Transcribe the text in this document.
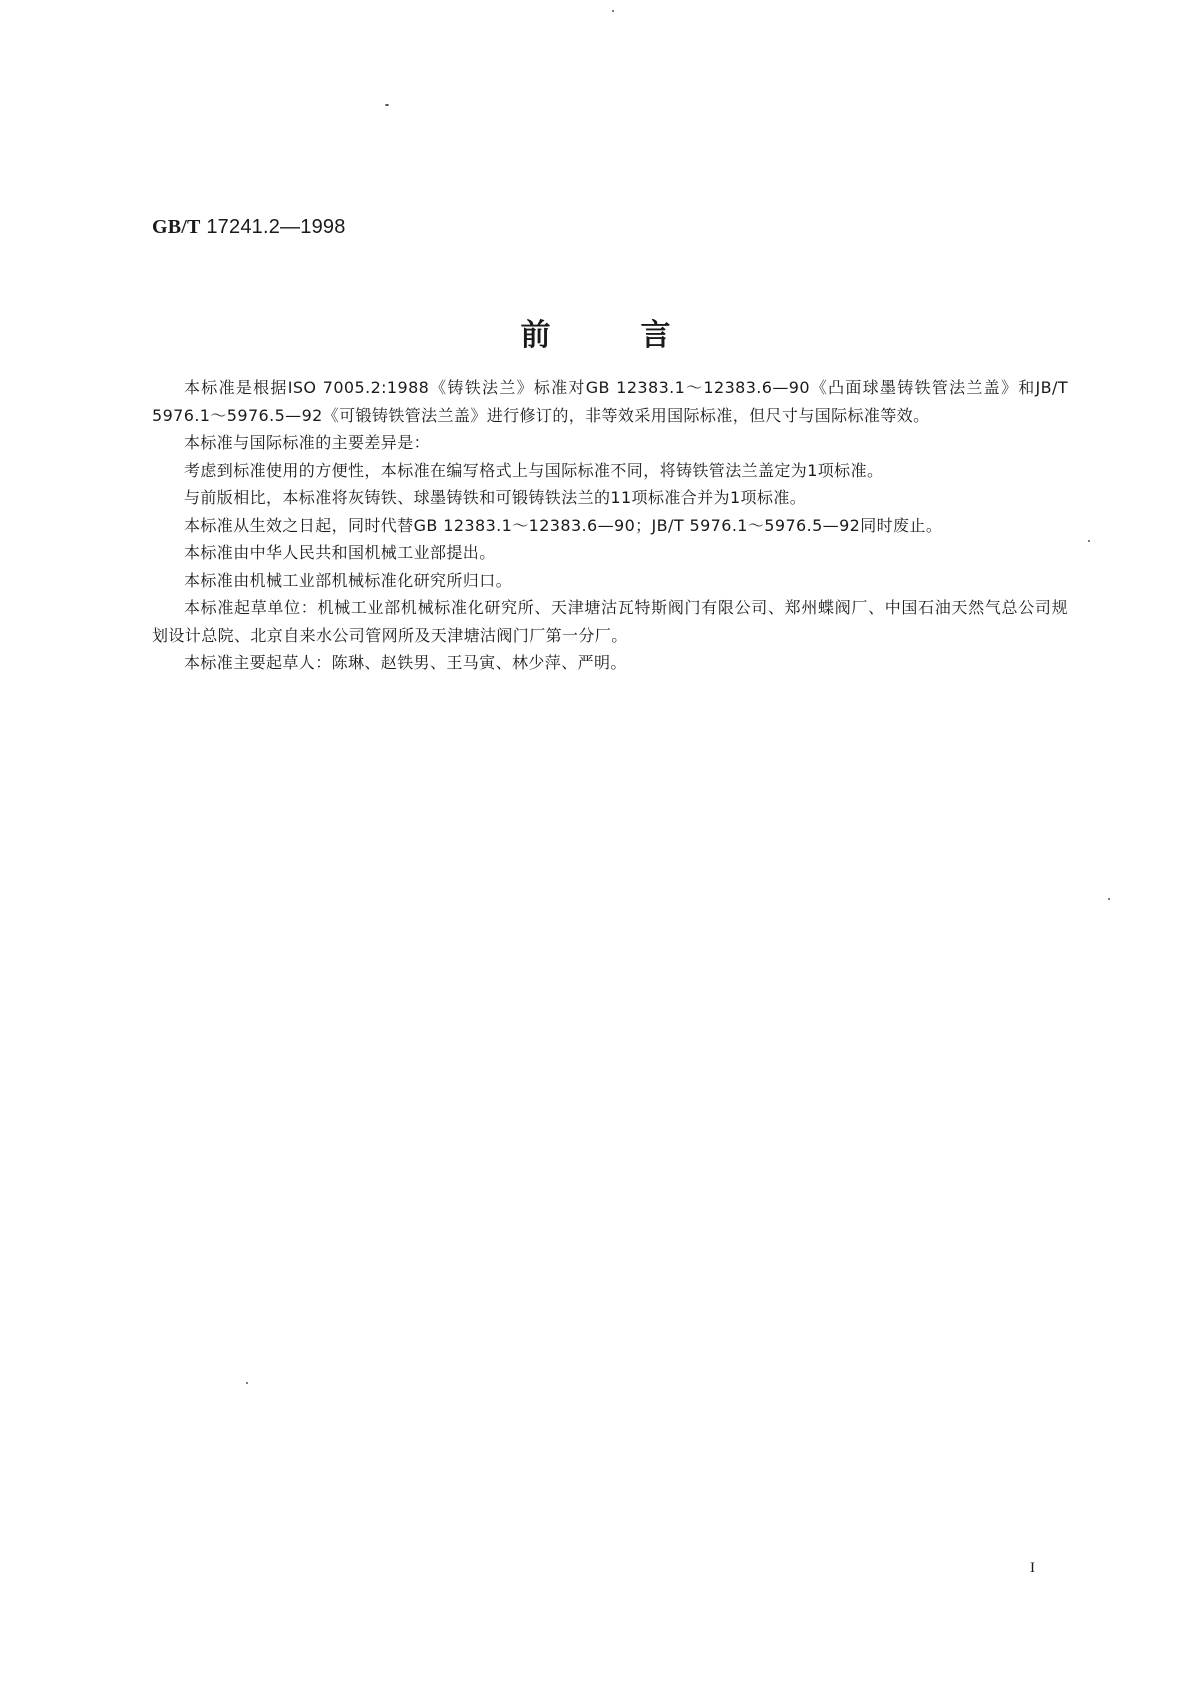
GB/T 17241.2—1998
前言

本标准是根据ISO 7005.2:1988《铸铁法兰》标准对GB 12383.1～12383.6—90《凸面球墨铸铁管法兰盖》和JB/T 5976.1～5976.5—92《可锻铸铁管法兰盖》进行修订的，非等效采用国际标准，但尺寸与国际标准等效。

本标准与国际标准的主要差异是：

考虑到标准使用的方便性，本标准在编写格式上与国际标准不同，将铸铁管法兰盖定为1项标准。

与前版相比，本标准将灰铸铁、球墨铸铁和可锻铸铁法兰的11项标准合并为1项标准。

本标准从生效之日起，同时代替GB 12383.1～12383.6—90；JB/T 5976.1～5976.5—92同时废止。

本标准由中华人民共和国机械工业部提出。

本标准由机械工业部机械标准化研究所归口。

本标准起草单位：机械工业部机械标准化研究所、天津塘沽瓦特斯阀门有限公司、郑州蝶阀厂、中国石油天然气总公司规划设计总院、北京自来水公司管网所及天津塘沽阀门厂第一分厂。

本标准主要起草人：陈琳、赵铁男、王马寅、林少萍、严明。

I
